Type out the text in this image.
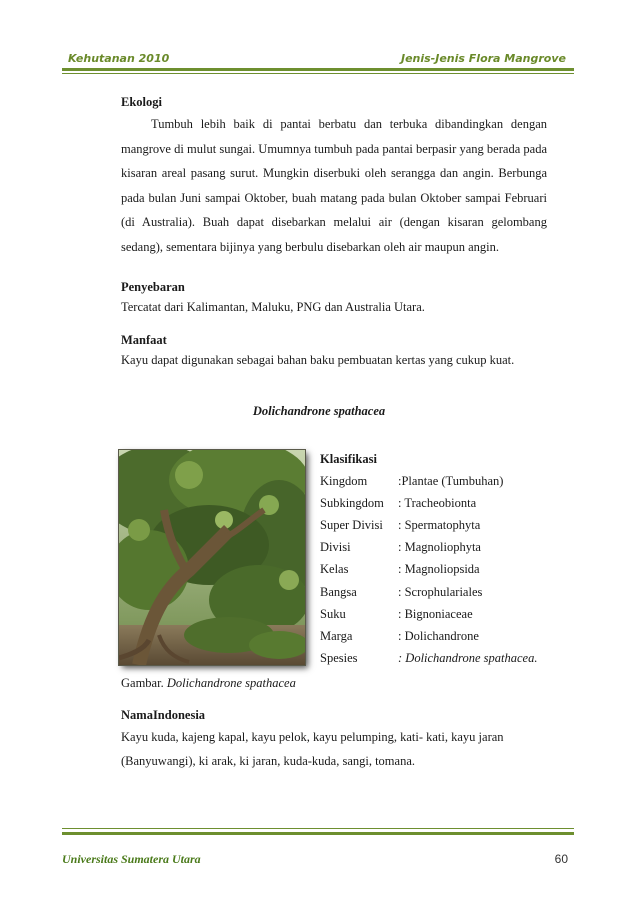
Kehutanan 2010	Jenis-Jenis Flora Mangrove
Ekologi

Tumbuh lebih baik di pantai berbatu dan terbuka dibandingkan dengan mangrove di mulut sungai. Umumnya tumbuh pada pantai berpasir yang berada pada kisaran areal pasang surut. Mungkin diserbuki oleh serangga dan angin. Berbunga pada bulan Juni sampai Oktober, buah matang pada bulan Oktober sampai Februari (di Australia). Buah dapat disebarkan melalui air (dengan kisaran gelombang sedang), sementara bijinya yang berbulu disebarkan oleh air maupun angin.

Penyebaran
Tercatat dari Kalimantan, Maluku, PNG dan Australia Utara.
Manfaat
Kayu dapat digunakan sebagai bahan baku pembuatan kertas yang cukup kuat.
Dolichandrone spathacea
Gambar. Dolichandrone spathacea
Klasifikasi
Kingdom :Plantae (Tumbuhan)
Subkingdom : Tracheobionta
Super Divisi : Spermatophyta
Divisi	: Magnoliophyta
Kelas	: Magnoliopsida
Bangsa	: Scrophulariales
Suku	: Bignoniaceae
Marga	: Dolichandrone
Spesies	: Dolichandrone spathacea.
NamaIndonesia
Kayu kuda, kajeng kapal, kayu pelok, kayu pelumping, kati- kati, kayu jaran
(Banyuwangi), ki arak, ki jaran, kuda-kuda, sangi, tomana.
Universitas Sumatera Utara	60
